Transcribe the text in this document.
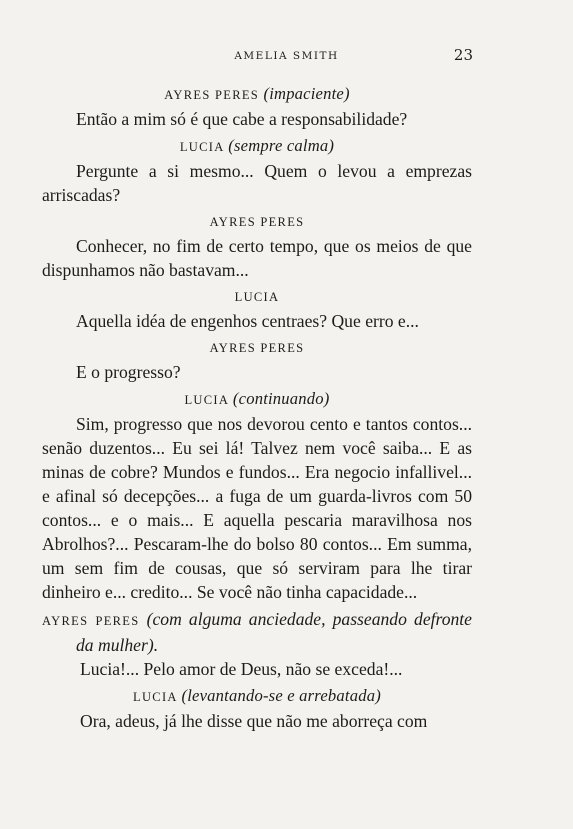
AMELIA SMITH	23
AYRES PERES (impaciente)

Então a mim só é que cabe a responsabilidade?

LUCIA (sempre calma)

Pergunte a si mesmo... Quem o levou a emprezas arriscadas?

AYRES PERES

Conhecer, no fim de certo tempo, que os meios de que dispunhamos não bastavam...

LUCIA

Aquella idéa de engenhos centraes? Que erro e...

AYRES PERES

E o progresso?

LUCIA (continuando)

Sim, progresso que nos devorou cento e tantos contos... senão duzentos... Eu sei lá! Talvez nem você saiba... E as minas de cobre? Mundos e fundos... Era negocio infallivel... e afinal só decepções... a fuga de um guarda-livros com 50 contos... e o mais... E aquella pescaria maravilhosa nos Abrolhos?... Pescaram-lhe do bolso 80 contos... Em summa, um sem fim de cousas, que só serviram para lhe tirar dinheiro e... credito... Se você não tinha capacidade...

AYRES PERES (com alguma anciedade, passeando defronte da mulher).

Lucia!... Pelo amor de Deus, não se exceda!...

LUCIA (levantando-se e arrebatada)

Ora, adeus, já lhe disse que não me aborreça com
